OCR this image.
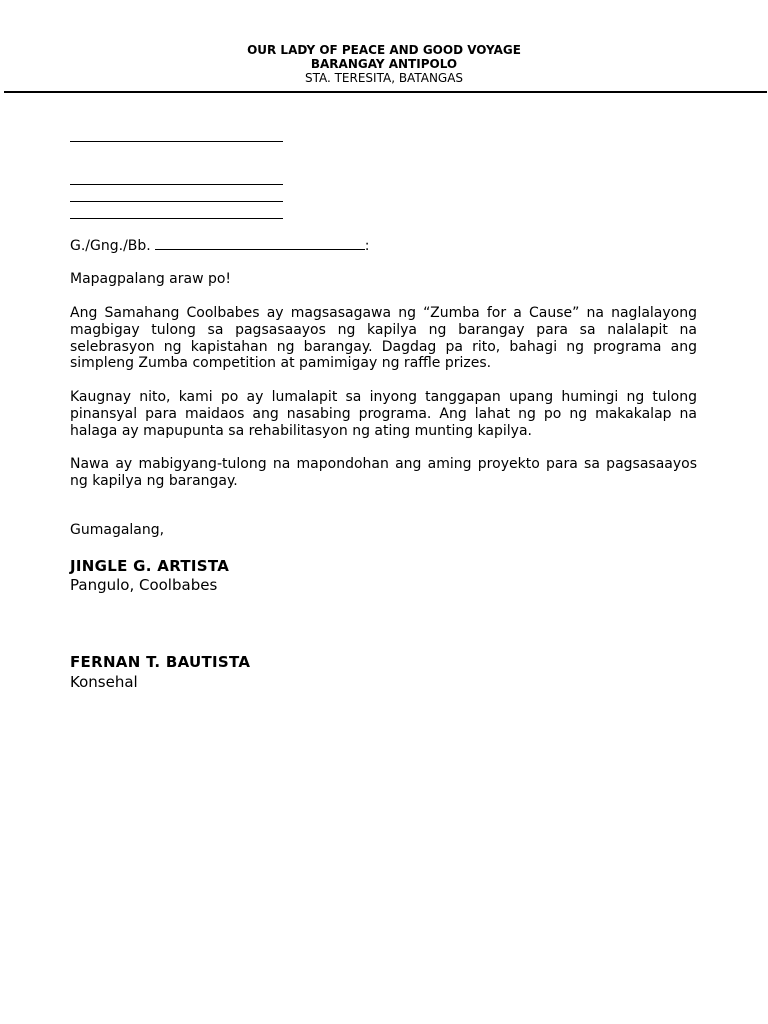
OUR LADY OF PEACE AND GOOD VOYAGE
BARANGAY ANTIPOLO
STA. TERESITA, BATANGAS
G./Gng./Bb.	:
Mapagpalang araw po!
Ang Samahang Coolbabes ay magsasagawa ng “Zumba for a Cause” na naglalayong magbigay tulong sa pagsasaayos ng kapilya ng barangay para sa nalalapit na selebrasyon ng kapistahan ng barangay. Dagdag pa rito, bahagi ng programa ang simpleng Zumba competition at pamimigay ng raffle prizes.
Kaugnay nito, kami po ay lumalapit sa inyong tanggapan upang humingi ng tulong pinansyal para maidaos ang nasabing programa. Ang lahat ng po ng makakalap na halaga ay mapupunta sa rehabilitasyon ng ating munting kapilya.
Nawa ay mabigyang-tulong na mapondohan ang aming proyekto para sa pagsasaayos ng kapilya ng barangay.
Gumagalang,
JINGLE G. ARTISTA
Pangulo, Coolbabes
FERNAN T. BAUTISTA
Konsehal
